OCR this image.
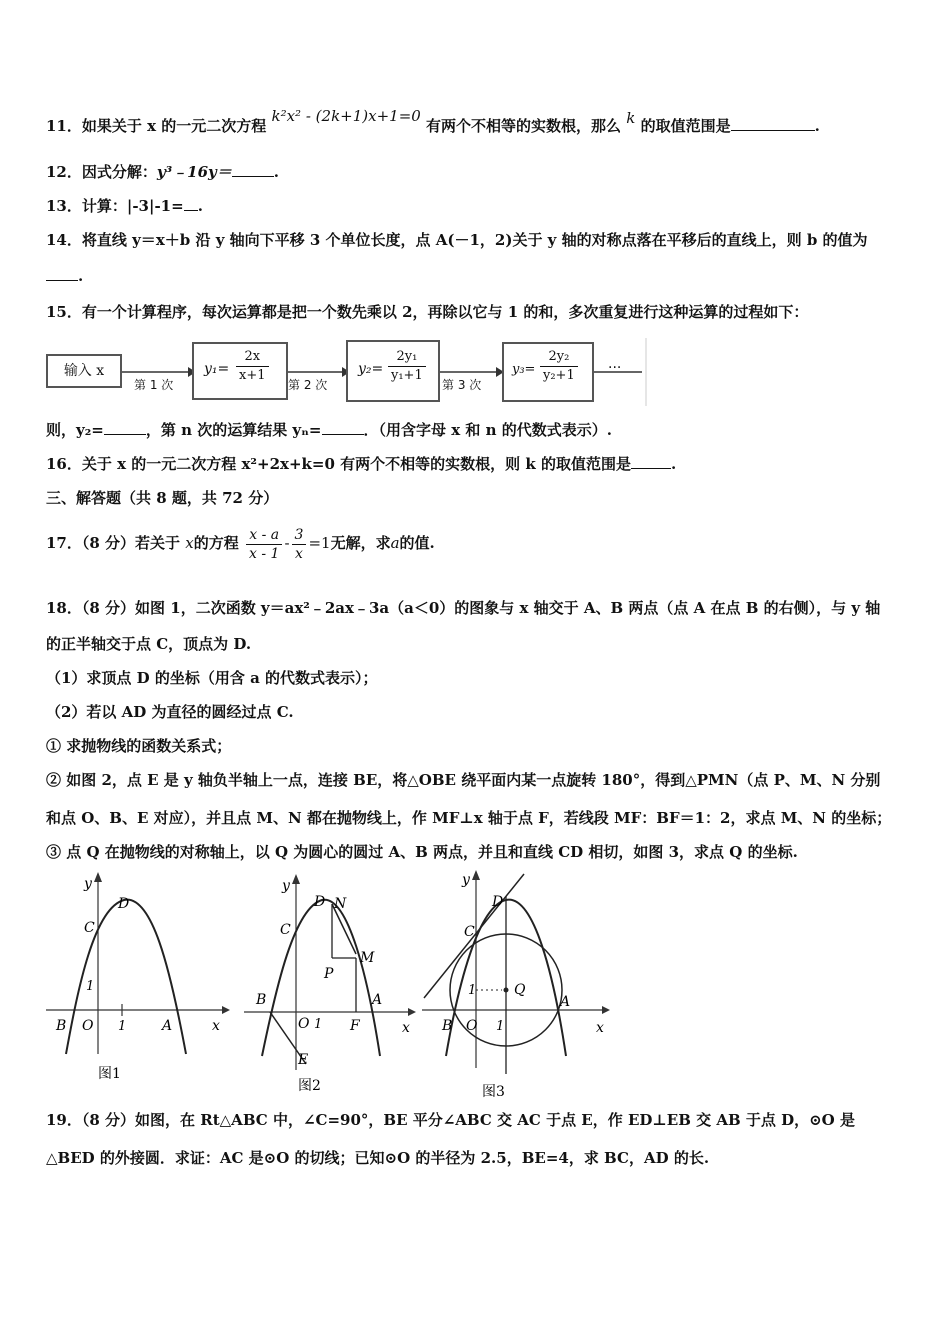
11．如果关于 x 的一元二次方程 k²x² - (2k+1)x+1=0 有两个不相等的实数根，那么 k 的取值范围是	.
12．因式分解：y³﹣16y＝	.
13．计算：|-3|-1= .
14．将直线 y＝x＋b 沿 y 轴向下平移 3 个单位长度，点 A(－1，2)关于 y 轴的对称点落在平移后的直线上，则 b 的值为
.
15．有一个计算程序，每次运算都是把一个数先乘以 2，再除以它与 1 的和，多次重复进行这种运算的过程如下：
输入 x
第 1 次
$y_1= \frac{2x}{x+1}$ 第 2 次
$y_2= \frac{\text{2y₁}}{\text{y₁+1}}$ 第 3 次
$y_3= \frac{\text{2y₂}}{\text{y₂+1}}$ ···
则，y₂=	，第 n 次的运算结果 yₙ=	．（用含字母 x 和 n 的代数式表示）.
16．关于 x 的一元二次方程 x²+2x+k=0 有两个不相等的实数根，则 k 的取值范围是	.
三、解答题（共 8 题，共 72 分）
17．（8 分）若关于 x的方程 $\frac{x - a}{x - 1} - \frac{3}{x} =1$无解，求a的值.
18．（8 分）如图 1，二次函数 y＝ax²﹣2ax﹣3a（a＜0）的图象与 x 轴交于 A、B 两点（点 A 在点 B 的右侧），与 y 轴
的正半轴交于点 C，顶点为 D.
（1）求顶点 D 的坐标（用含 a 的代数式表示）；
（2）若以 AD 为直径的圆经过点 C.
① 求抛物线的函数关系式；
② 如图 2，点 E 是 y 轴负半轴上一点，连接 BE，将△OBE 绕平面内某一点旋转 180°，得到△PMN（点 P、M、N 分别
和点 O、B、E 对应），并且点 M、N 都在抛物线上，作 MF⊥x 轴于点 F，若线段 MF：BF＝1：2，求点 M、N 的坐标；
③ 点 Q 在抛物线的对称轴上，以 Q 为圆心的圆过 A、B 两点，并且和直线 CD 相切，如图 3，求点 Q 的坐标.
y
x
C
D
1
B O 1	A
图1
y
x
C
D N
M
P
B
O 1 F
A
E
图2
y
x
C
D
Q
1
B O 1
A
图3
19．（8 分）如图，在 Rt△ABC 中，∠C=90°，BE 平分∠ABC 交 AC 于点 E，作 ED⊥EB 交 AB 于点 D，⊙O 是
△BED 的外接圆．求证：AC 是⊙O 的切线；已知⊙O 的半径为 2.5，BE=4，求 BC，AD 的长.
